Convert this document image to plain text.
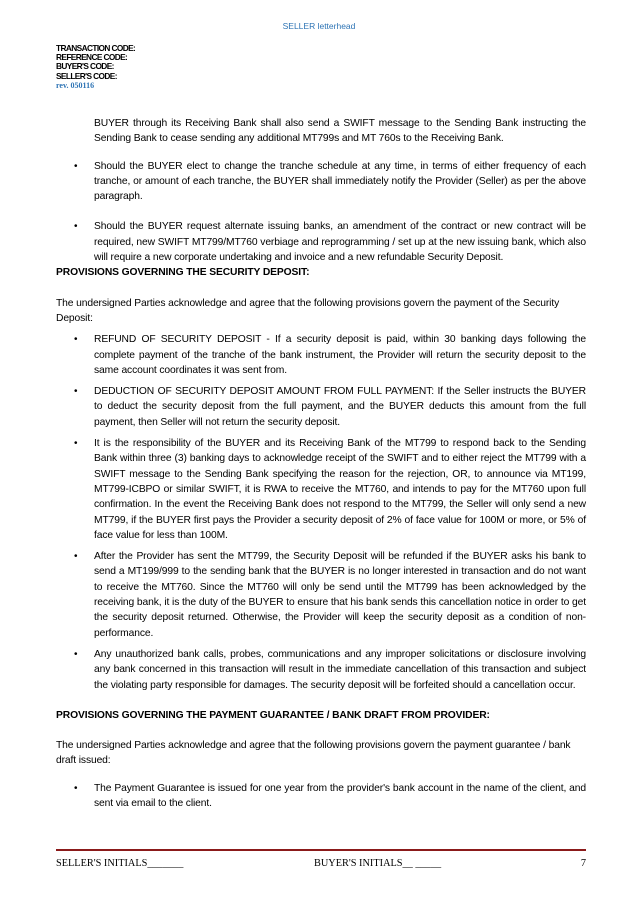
SELLER letterhead
TRANSACTION CODE:
REFERENCE CODE:
BUYER'S CODE:
SELLER'S CODE:
rev. 050116
BUYER through its Receiving Bank shall also send a SWIFT message to the Sending Bank instructing the Sending Bank to cease sending any additional MT799s and MT 760s to the Receiving Bank.
• Should the BUYER elect to change the tranche schedule at any time, in terms of either frequency of each tranche, or amount of each tranche, the BUYER shall immediately notify the Provider (Seller) as per the above paragraph.
• Should the BUYER request alternate issuing banks, an amendment of the contract or new contract will be required, new SWIFT MT799/MT760 verbiage and reprogramming / set up at the new issuing bank, which also will require a new corporate undertaking and invoice and a new refundable Security Deposit.
PROVISIONS GOVERNING THE SECURITY DEPOSIT:
The undersigned Parties acknowledge and agree that the following provisions govern the payment of the Security Deposit:
• REFUND OF SECURITY DEPOSIT - If a security deposit is paid, within 30 banking days following the complete payment of the tranche of the bank instrument, the Provider will return the security deposit to the same account coordinates it was sent from.
• DEDUCTION OF SECURITY DEPOSIT AMOUNT FROM FULL PAYMENT: If the Seller instructs the BUYER to deduct the security deposit from the full payment, and the BUYER deducts this amount from the full payment, then Seller will not return the security deposit.
• It is the responsibility of the BUYER and its Receiving Bank of the MT799 to respond back to the Sending Bank within three (3) banking days to acknowledge receipt of the SWIFT and to either reject the MT799 with a SWIFT message to the Sending Bank specifying the reason for the rejection, OR, to announce via MT199, MT799-ICBPO or similar SWIFT, it is RWA to receive the MT760, and intends to pay for the MT760 upon full confirmation. In the event the Receiving Bank does not respond to the MT799, the Seller will only send a new MT799, if the BUYER first pays the Provider a security deposit of 2% of face value for 100M or more, or 5% of face value for less than 100M.
• After the Provider has sent the MT799, the Security Deposit will be refunded if the BUYER asks his bank to send a MT199/999 to the sending bank that the BUYER is no longer interested in transaction and do not want to receive the MT760. Since the MT760 will only be send until the MT799 has been acknowledged by the receiving bank, it is the duty of the BUYER to ensure that his bank sends this cancellation notice in order to get the security deposit returned. Otherwise, the Provider will keep the security deposit as a condition of non-performance.
• Any unauthorized bank calls, probes, communications and any improper solicitations or disclosure involving any bank concerned in this transaction will result in the immediate cancellation of this transaction and subject the violating party responsible for damages. The security deposit will be forfeited should a cancellation occur.
PROVISIONS GOVERNING THE PAYMENT GUARANTEE / BANK DRAFT FROM PROVIDER:
The undersigned Parties acknowledge and agree that the following provisions govern the payment guarantee / bank draft issued:
• The Payment Guarantee is issued for one year from the provider's bank account in the name of the client, and sent via email to the client.
SELLER'S INITIALS_______	BUYER'S INITIALS__ _____	7
